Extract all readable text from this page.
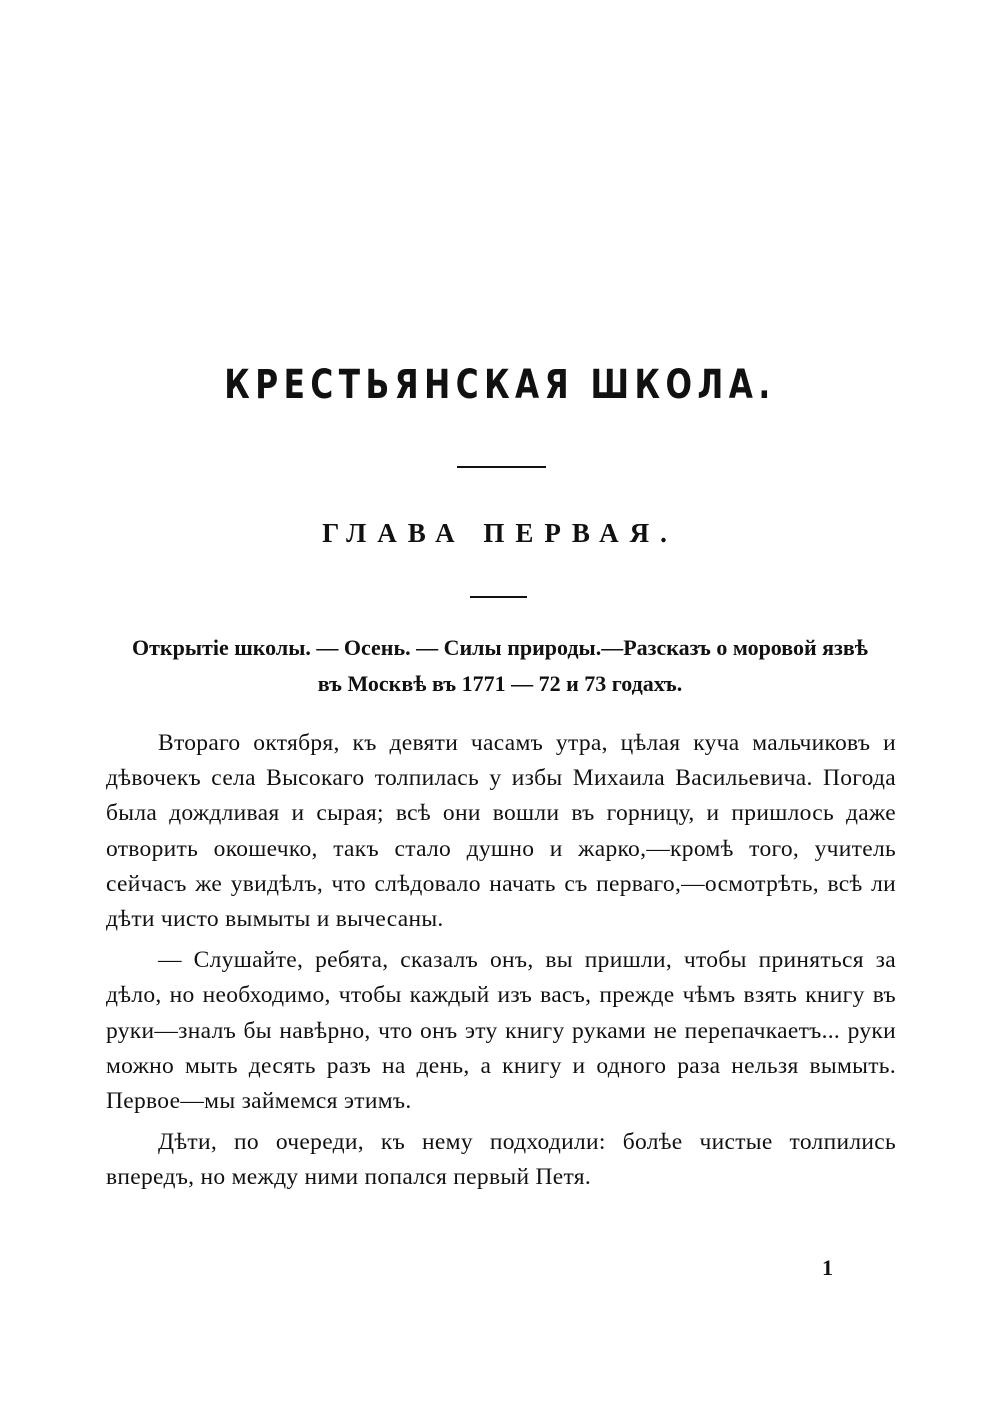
КРЕСТЬЯНСКАЯ ШКОЛА.
ГЛАВА ПЕРВАЯ.
Открытіе школы. — Осень. — Силы природы.—Разсказъ о моровой язвѣ
въ Москвѣ въ 1771 — 72 и 73 годахъ.

Втораго октября, къ девяти часамъ утра, цѣлая куча мальчиковъ и дѣвочекъ села Высокаго толпилась у избы Михаила Васильевича. Погода была дождливая и сырая; всѣ они вошли въ горницу, и пришлось даже отворить окошечко, такъ стало душно и жарко,—кромѣ того, учитель сейчасъ же увидѣлъ, что слѣдовало начать съ перваго,—осмотрѣть, всѣ ли дѣти чисто вымыты и вычесаны.

— Слушайте, ребята, сказалъ онъ, вы пришли, чтобы приняться за дѣло, но необходимо, чтобы каждый изъ васъ, прежде чѣмъ взять книгу въ руки—зналъ бы навѣрно, что онъ эту книгу руками не перепачкаетъ... руки можно мыть десять разъ на день, а книгу и одного раза нельзя вымыть. Первое—мы займемся этимъ.

Дѣти, по очереди, къ нему подходили: болѣе чистые толпились впередъ, но между ними попался первый Петя.

1
